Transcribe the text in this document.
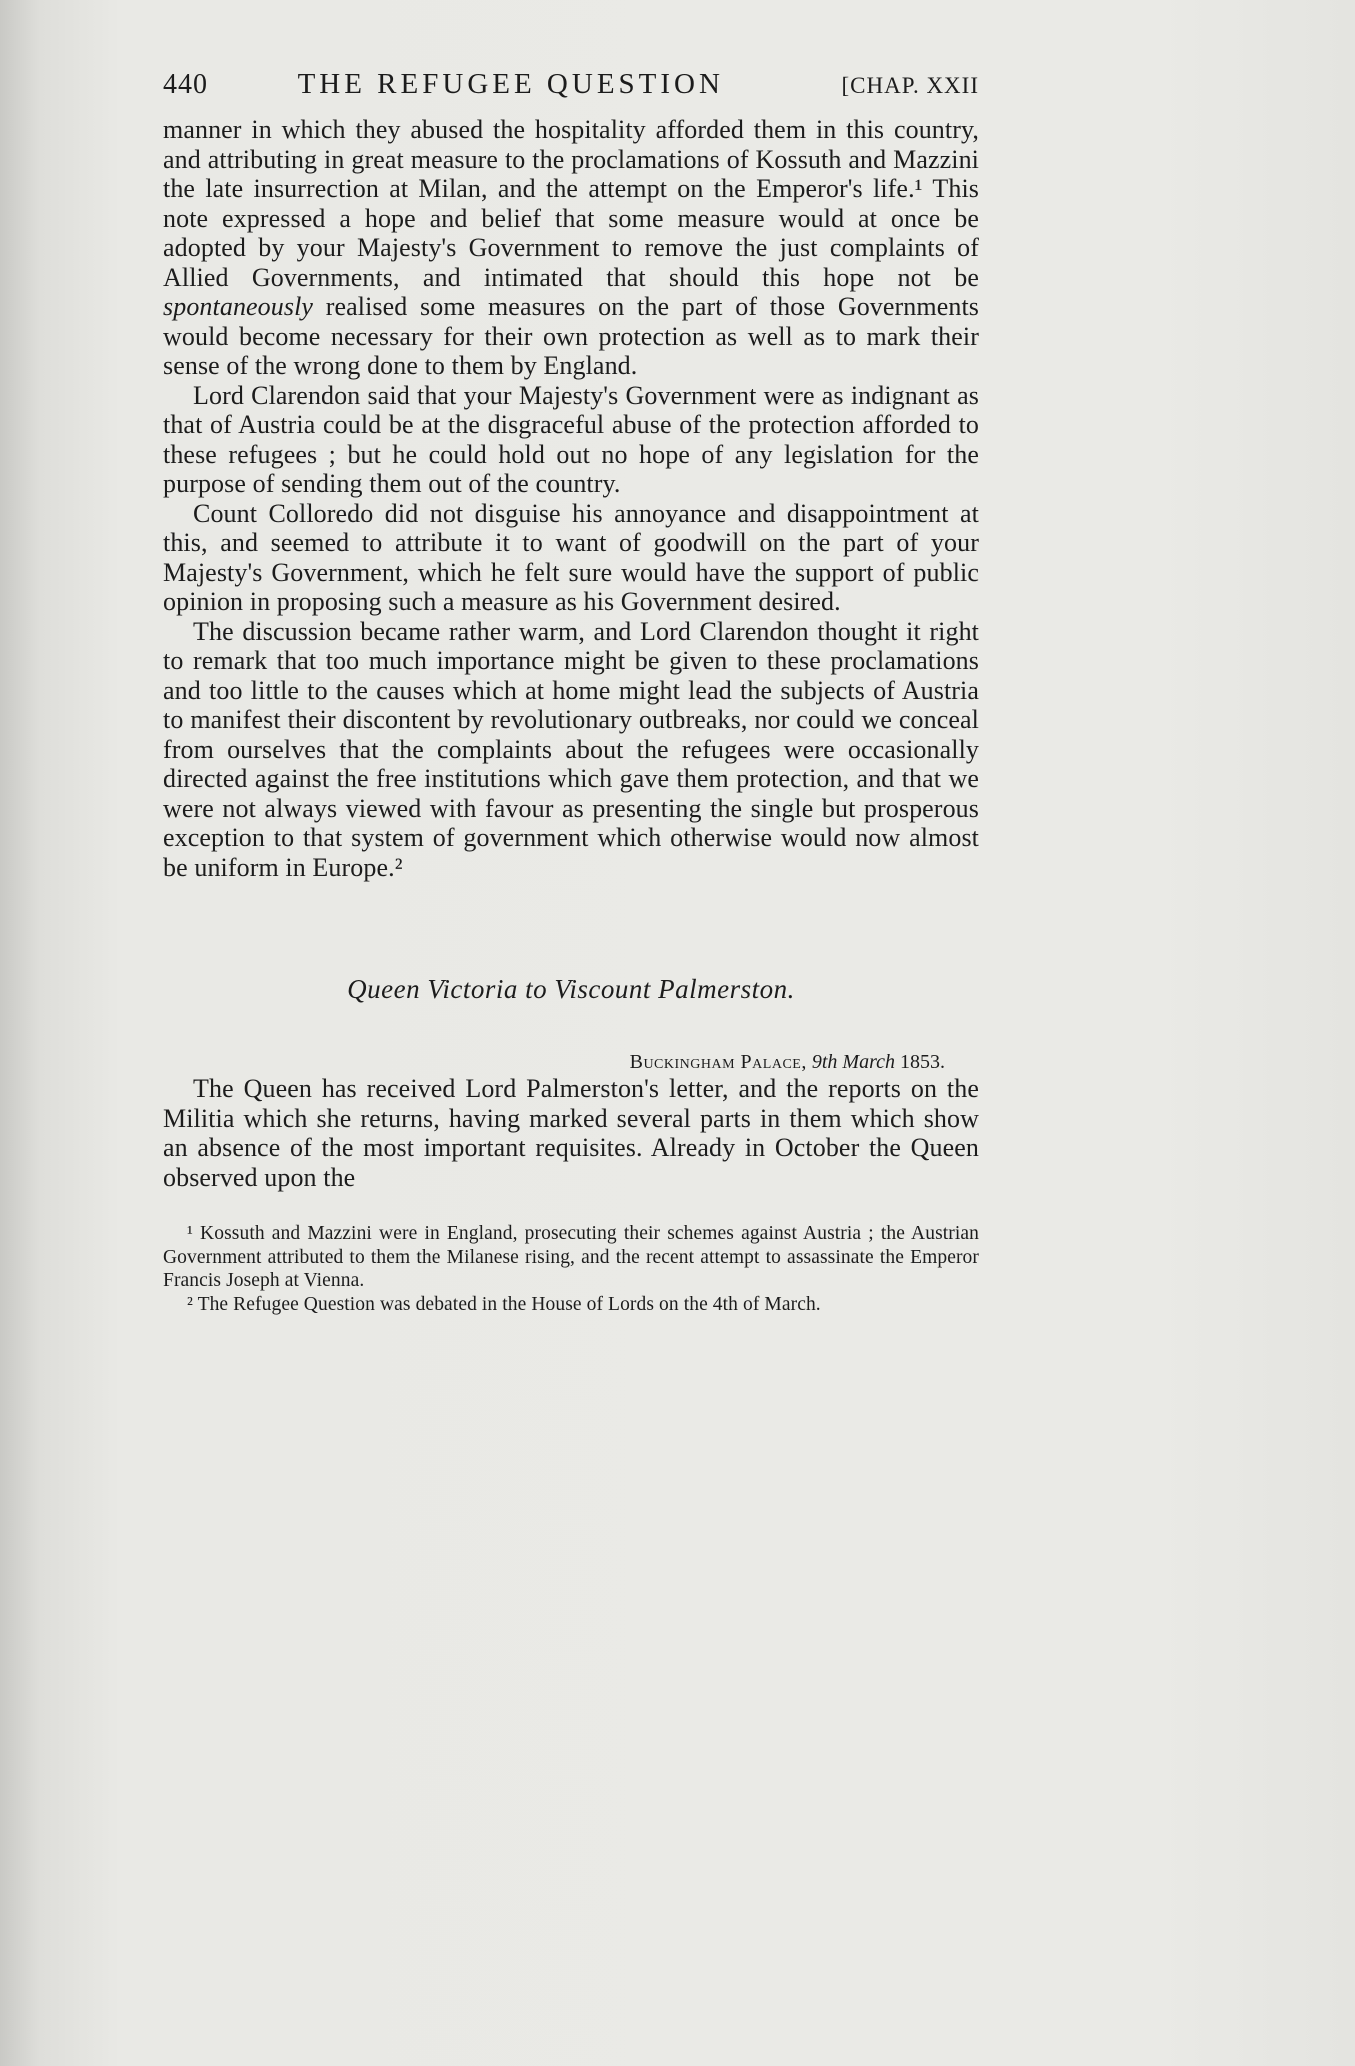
440	THE REFUGEE QUESTION	[CHAP. XXII

manner in which they abused the hospitality afforded them in this country, and attributing in great measure to the proclamations of Kossuth and Mazzini the late insurrection at Milan, and the attempt on the Emperor's life.¹ This note expressed a hope and belief that some measure would at once be adopted by your Majesty's Government to remove the just complaints of Allied Governments, and intimated that should this hope not be spontaneously realised some measures on the part of those Governments would become necessary for their own protection as well as to mark their sense of the wrong done to them by England.

Lord Clarendon said that your Majesty's Government were as indignant as that of Austria could be at the disgraceful abuse of the protection afforded to these refugees ; but he could hold out no hope of any legislation for the purpose of sending them out of the country.

Count Colloredo did not disguise his annoyance and disappointment at this, and seemed to attribute it to want of goodwill on the part of your Majesty's Government, which he felt sure would have the support of public opinion in proposing such a measure as his Government desired.

The discussion became rather warm, and Lord Clarendon thought it right to remark that too much importance might be given to these proclamations and too little to the causes which at home might lead the subjects of Austria to manifest their discontent by revolutionary outbreaks, nor could we conceal from ourselves that the complaints about the refugees were occasionally directed against the free institutions which gave them protection, and that we were not always viewed with favour as presenting the single but prosperous exception to that system of government which otherwise would now almost be uniform in Europe.²

Queen Victoria to Viscount Palmerston.
Buckingham Palace, 9th March 1853.

The Queen has received Lord Palmerston's letter, and the reports on the Militia which she returns, having marked several parts in them which show an absence of the most important requisites. Already in October the Queen observed upon the

¹ Kossuth and Mazzini were in England, prosecuting their schemes against Austria ; the Austrian Government attributed to them the Milanese rising, and the recent attempt to assassinate the Emperor Francis Joseph at Vienna.

² The Refugee Question was debated in the House of Lords on the 4th of March.
